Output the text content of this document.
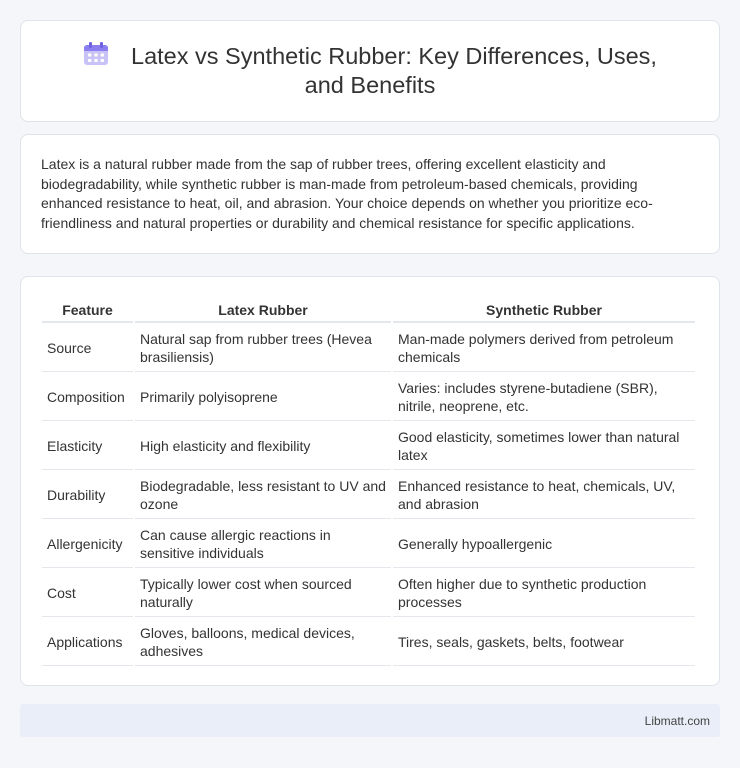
Latex vs Synthetic Rubber: Key Differences, Uses, and Benefits

Latex is a natural rubber made from the sap of rubber trees, offering excellent elasticity and biodegradability, while synthetic rubber is man-made from petroleum-based chemicals, providing enhanced resistance to heat, oil, and abrasion. Your choice depends on whether you prioritize eco-friendliness and natural properties or durability and chemical resistance for specific applications.

Feature	Latex Rubber	Synthetic Rubber
Source	Natural sap from rubber trees (Hevea brasiliensis)	Man-made polymers derived from petroleum chemicals
Composition	Primarily polyisoprene	Varies: includes styrene-butadiene (SBR), nitrile, neoprene, etc.
Elasticity	High elasticity and flexibility	Good elasticity, sometimes lower than natural latex
Durability	Biodegradable, less resistant to UV and ozone	Enhanced resistance to heat, chemicals, UV, and abrasion
Allergenicity	Can cause allergic reactions in sensitive individuals	Generally hypoallergenic
Cost	Typically lower cost when sourced naturally	Often higher due to synthetic production processes
Applications	Gloves, balloons, medical devices, adhesives	Tires, seals, gaskets, belts, footwear
Libmatt.com
